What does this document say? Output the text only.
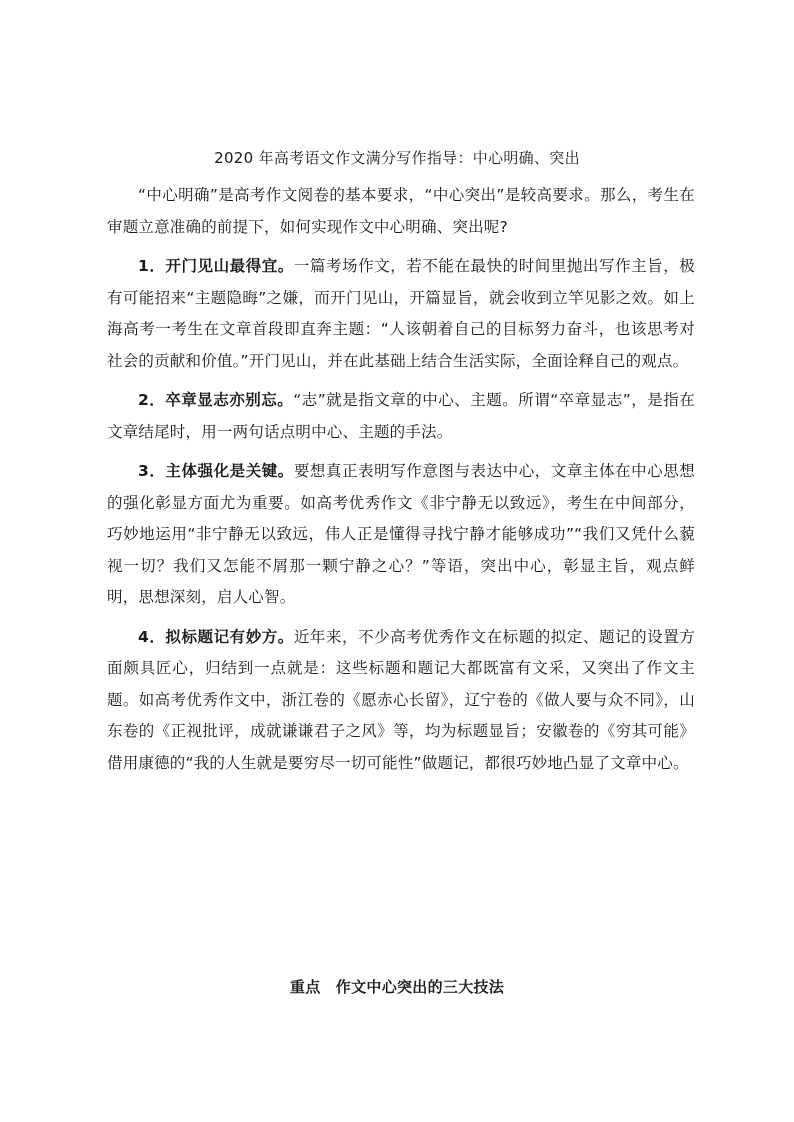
2020 年高考语文作文满分写作指导：中心明确、突出

“中心明确”是高考作文阅卷的基本要求，“中心突出”是较高要求。那么，考生在审题立意准确的前提下，如何实现作文中心明确、突出呢?

1．开门见山最得宜。一篇考场作文，若不能在最快的时间里抛出写作主旨，极有可能招来“主题隐晦”之嫌，而开门见山，开篇显旨，就会收到立竿见影之效。如上海高考一考生在文章首段即直奔主题：“人该朝着自己的目标努力奋斗，也该思考对社会的贡献和价值。”开门见山，并在此基础上结合生活实际，全面诠释自己的观点。

2．卒章显志亦别忘。“志”就是指文章的中心、主题。所谓“卒章显志”，是指在文章结尾时，用一两句话点明中心、主题的手法。

3．主体强化是关键。要想真正表明写作意图与表达中心，文章主体在中心思想的强化彰显方面尤为重要。如高考优秀作文《非宁静无以致远》，考生在中间部分，巧妙地运用“非宁静无以致远，伟人正是懂得寻找宁静才能够成功”“我们又凭什么藐视一切？我们又怎能不屑那一颗宁静之心？”等语，突出中心，彰显主旨，观点鲜明，思想深刻，启人心智。

4．拟标题记有妙方。近年来，不少高考优秀作文在标题的拟定、题记的设置方面颇具匠心，归结到一点就是：这些标题和题记大都既富有文采，又突出了作文主题。如高考优秀作文中，浙江卷的《愿赤心长留》，辽宁卷的《做人要与众不同》，山东卷的《正视批评，成就谦谦君子之风》等，均为标题显旨；安徽卷的《穷其可能》借用康德的“我的人生就是要穷尽一切可能性”做题记，都很巧妙地凸显了文章中心。

重点　作文中心突出的三大技法
